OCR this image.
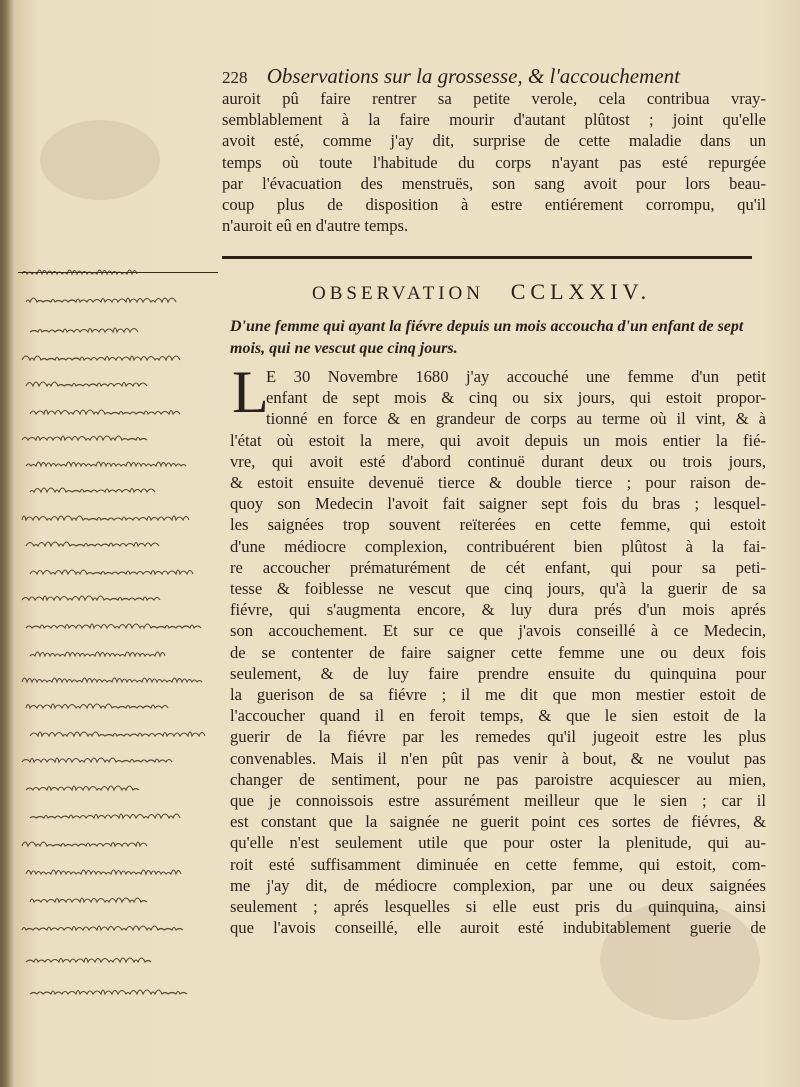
228 Observations sur la grossesse, & l'accouchement
auroit pû faire rentrer sa petite verole, cela contribua vray-
semblablement à la faire mourir d'autant plûtost ; joint qu'elle
avoit esté, comme j'ay dit, surprise de cette maladie dans un
temps où toute l'habitude du corps n'ayant pas esté repurgée
par l'évacuation des menstruës, son sang avoit pour lors beau-
coup plus de disposition à estre entiérement corrompu, qu'il
n'auroit eû en d'autre temps.
OBSERVATION CCLXXIV.
D'une femme qui ayant la fiévre depuis un mois accoucha d'un enfant de sept mois, qui ne vescut que cinq jours.
L
E 30 Novembre 1680 j'ay accouché une femme d'un petit
enfant de sept mois & cinq ou six jours, qui estoit propor-
tionné en force & en grandeur de corps au terme où il vint, & à
l'état où estoit la mere, qui avoit depuis un mois entier la fié-
vre, qui avoit esté d'abord continuë durant deux ou trois jours,
& estoit ensuite devenuë tierce & double tierce ; pour raison de-
quoy son Medecin l'avoit fait saigner sept fois du bras ; lesquel-
les saignées trop souvent reïterées en cette femme, qui estoit
d'une médiocre complexion, contribuérent bien plûtost à la fai-
re accoucher prématurément de cét enfant, qui pour sa peti-
tesse & foiblesse ne vescut que cinq jours, qu'à la guerir de sa
fiévre, qui s'augmenta encore, & luy dura prés d'un mois aprés
son accouchement. Et sur ce que j'avois conseillé à ce Medecin,
de se contenter de faire saigner cette femme une ou deux fois
seulement, & de luy faire prendre ensuite du quinquina pour
la guerison de sa fiévre ; il me dit que mon mestier estoit de
l'accoucher quand il en feroit temps, & que le sien estoit de la
guerir de la fiévre par les remedes qu'il jugeoit estre les plus
convenables. Mais il n'en pût pas venir à bout, & ne voulut pas
changer de sentiment, pour ne pas paroistre acquiescer au mien,
que je connoissois estre assurément meilleur que le sien ; car il
est constant que la saignée ne guerit point ces sortes de fiévres, &
qu'elle n'est seulement utile que pour oster la plenitude, qui au-
roit esté suffisamment diminuée en cette femme, qui estoit, com-
me j'ay dit, de médiocre complexion, par une ou deux saignées
seulement ; aprés lesquelles si elle eust pris du quinquina, ainsi
que l'avois conseillé, elle auroit esté indubitablement guerie de
